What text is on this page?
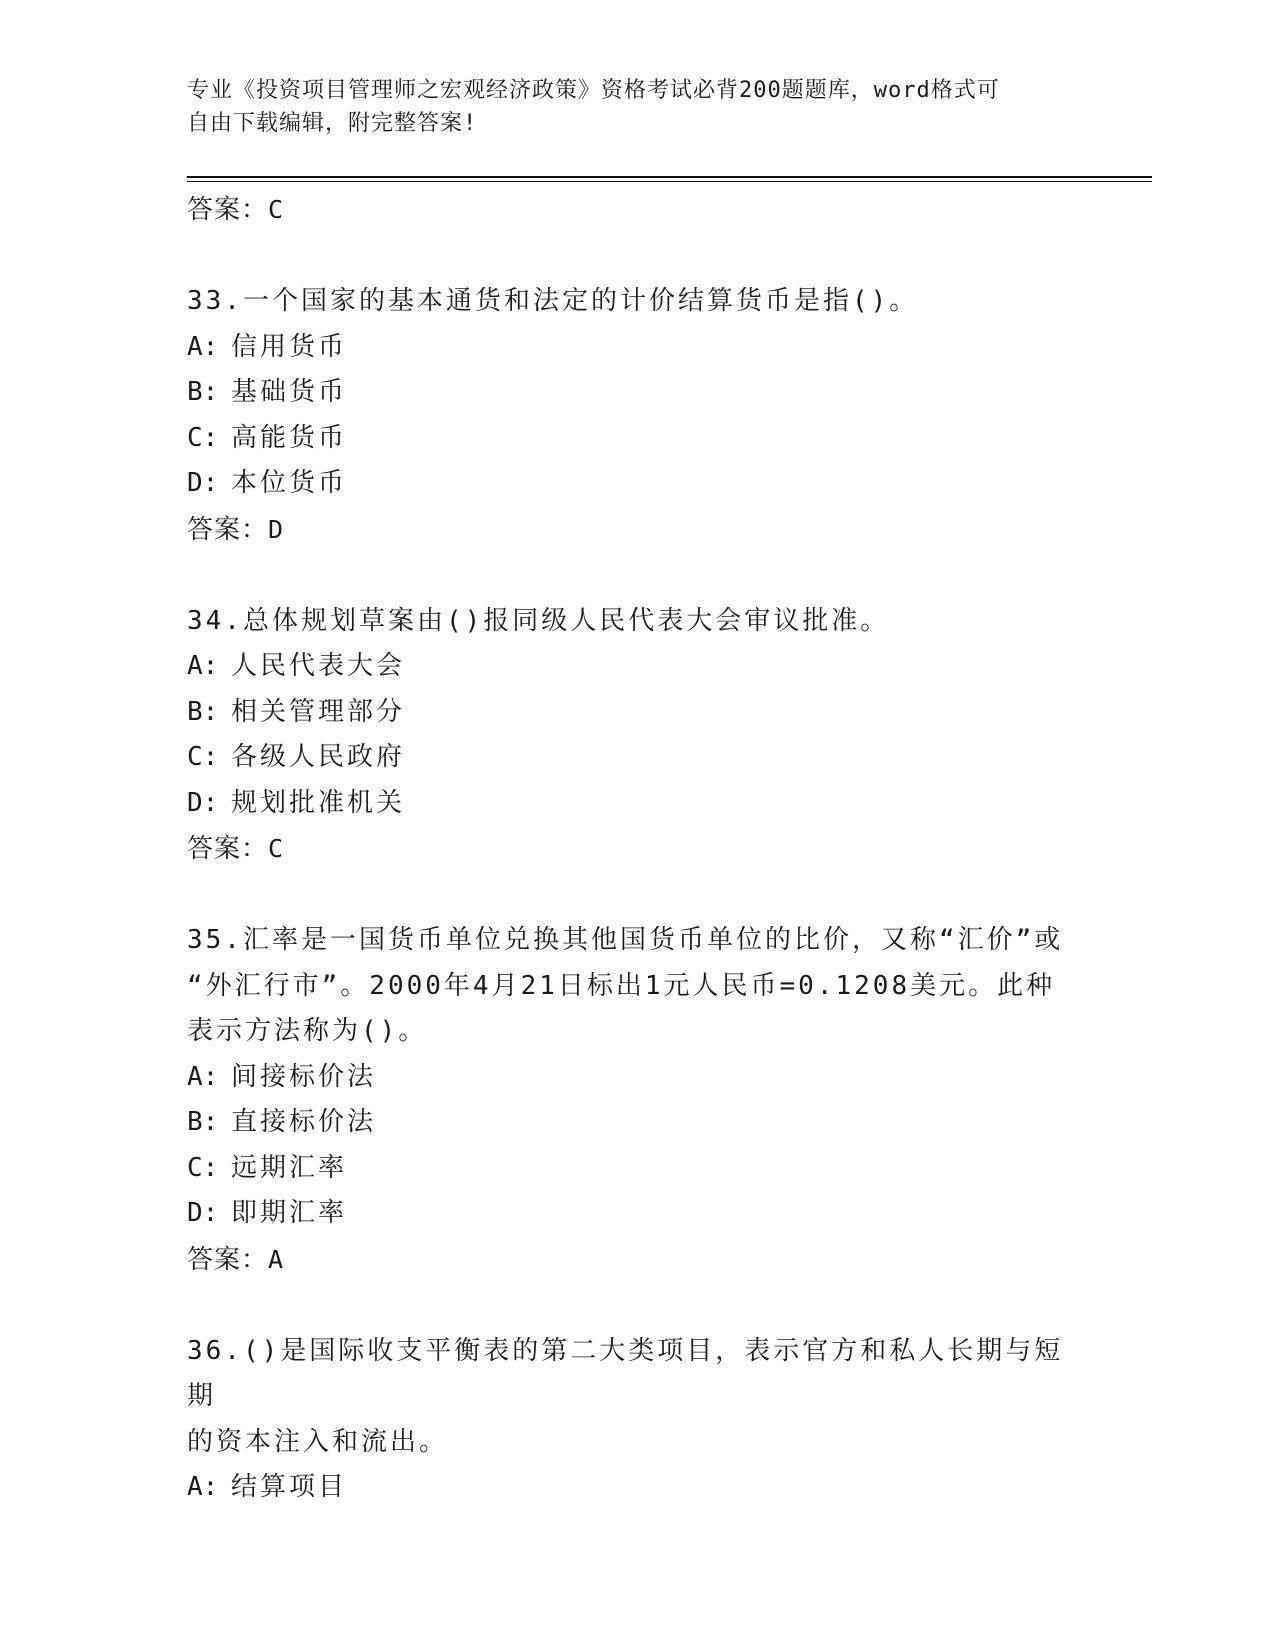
专业《投资项目管理师之宏观经济政策》资格考试必背200题题库，word格式可
自由下载编辑，附完整答案!
答案：C
33.一个国家的基本通货和法定的计价结算货币是指()。
A: 信用货币
B: 基础货币
C: 高能货币
D: 本位货币
答案：D
34.总体规划草案由()报同级人民代表大会审议批准。
A: 人民代表大会
B: 相关管理部分
C: 各级人民政府
D: 规划批准机关
答案：C
35.汇率是一国货币单位兑换其他国货币单位的比价，又称“汇价”或
“外汇行市”。2000年4月21日标出1元人民币=0.1208美元。此种
表示方法称为()。
A: 间接标价法
B: 直接标价法
C: 远期汇率
D: 即期汇率
答案：A
36.()是国际收支平衡表的第二大类项目，表示官方和私人长期与短期
的资本注入和流出。
A: 结算项目
